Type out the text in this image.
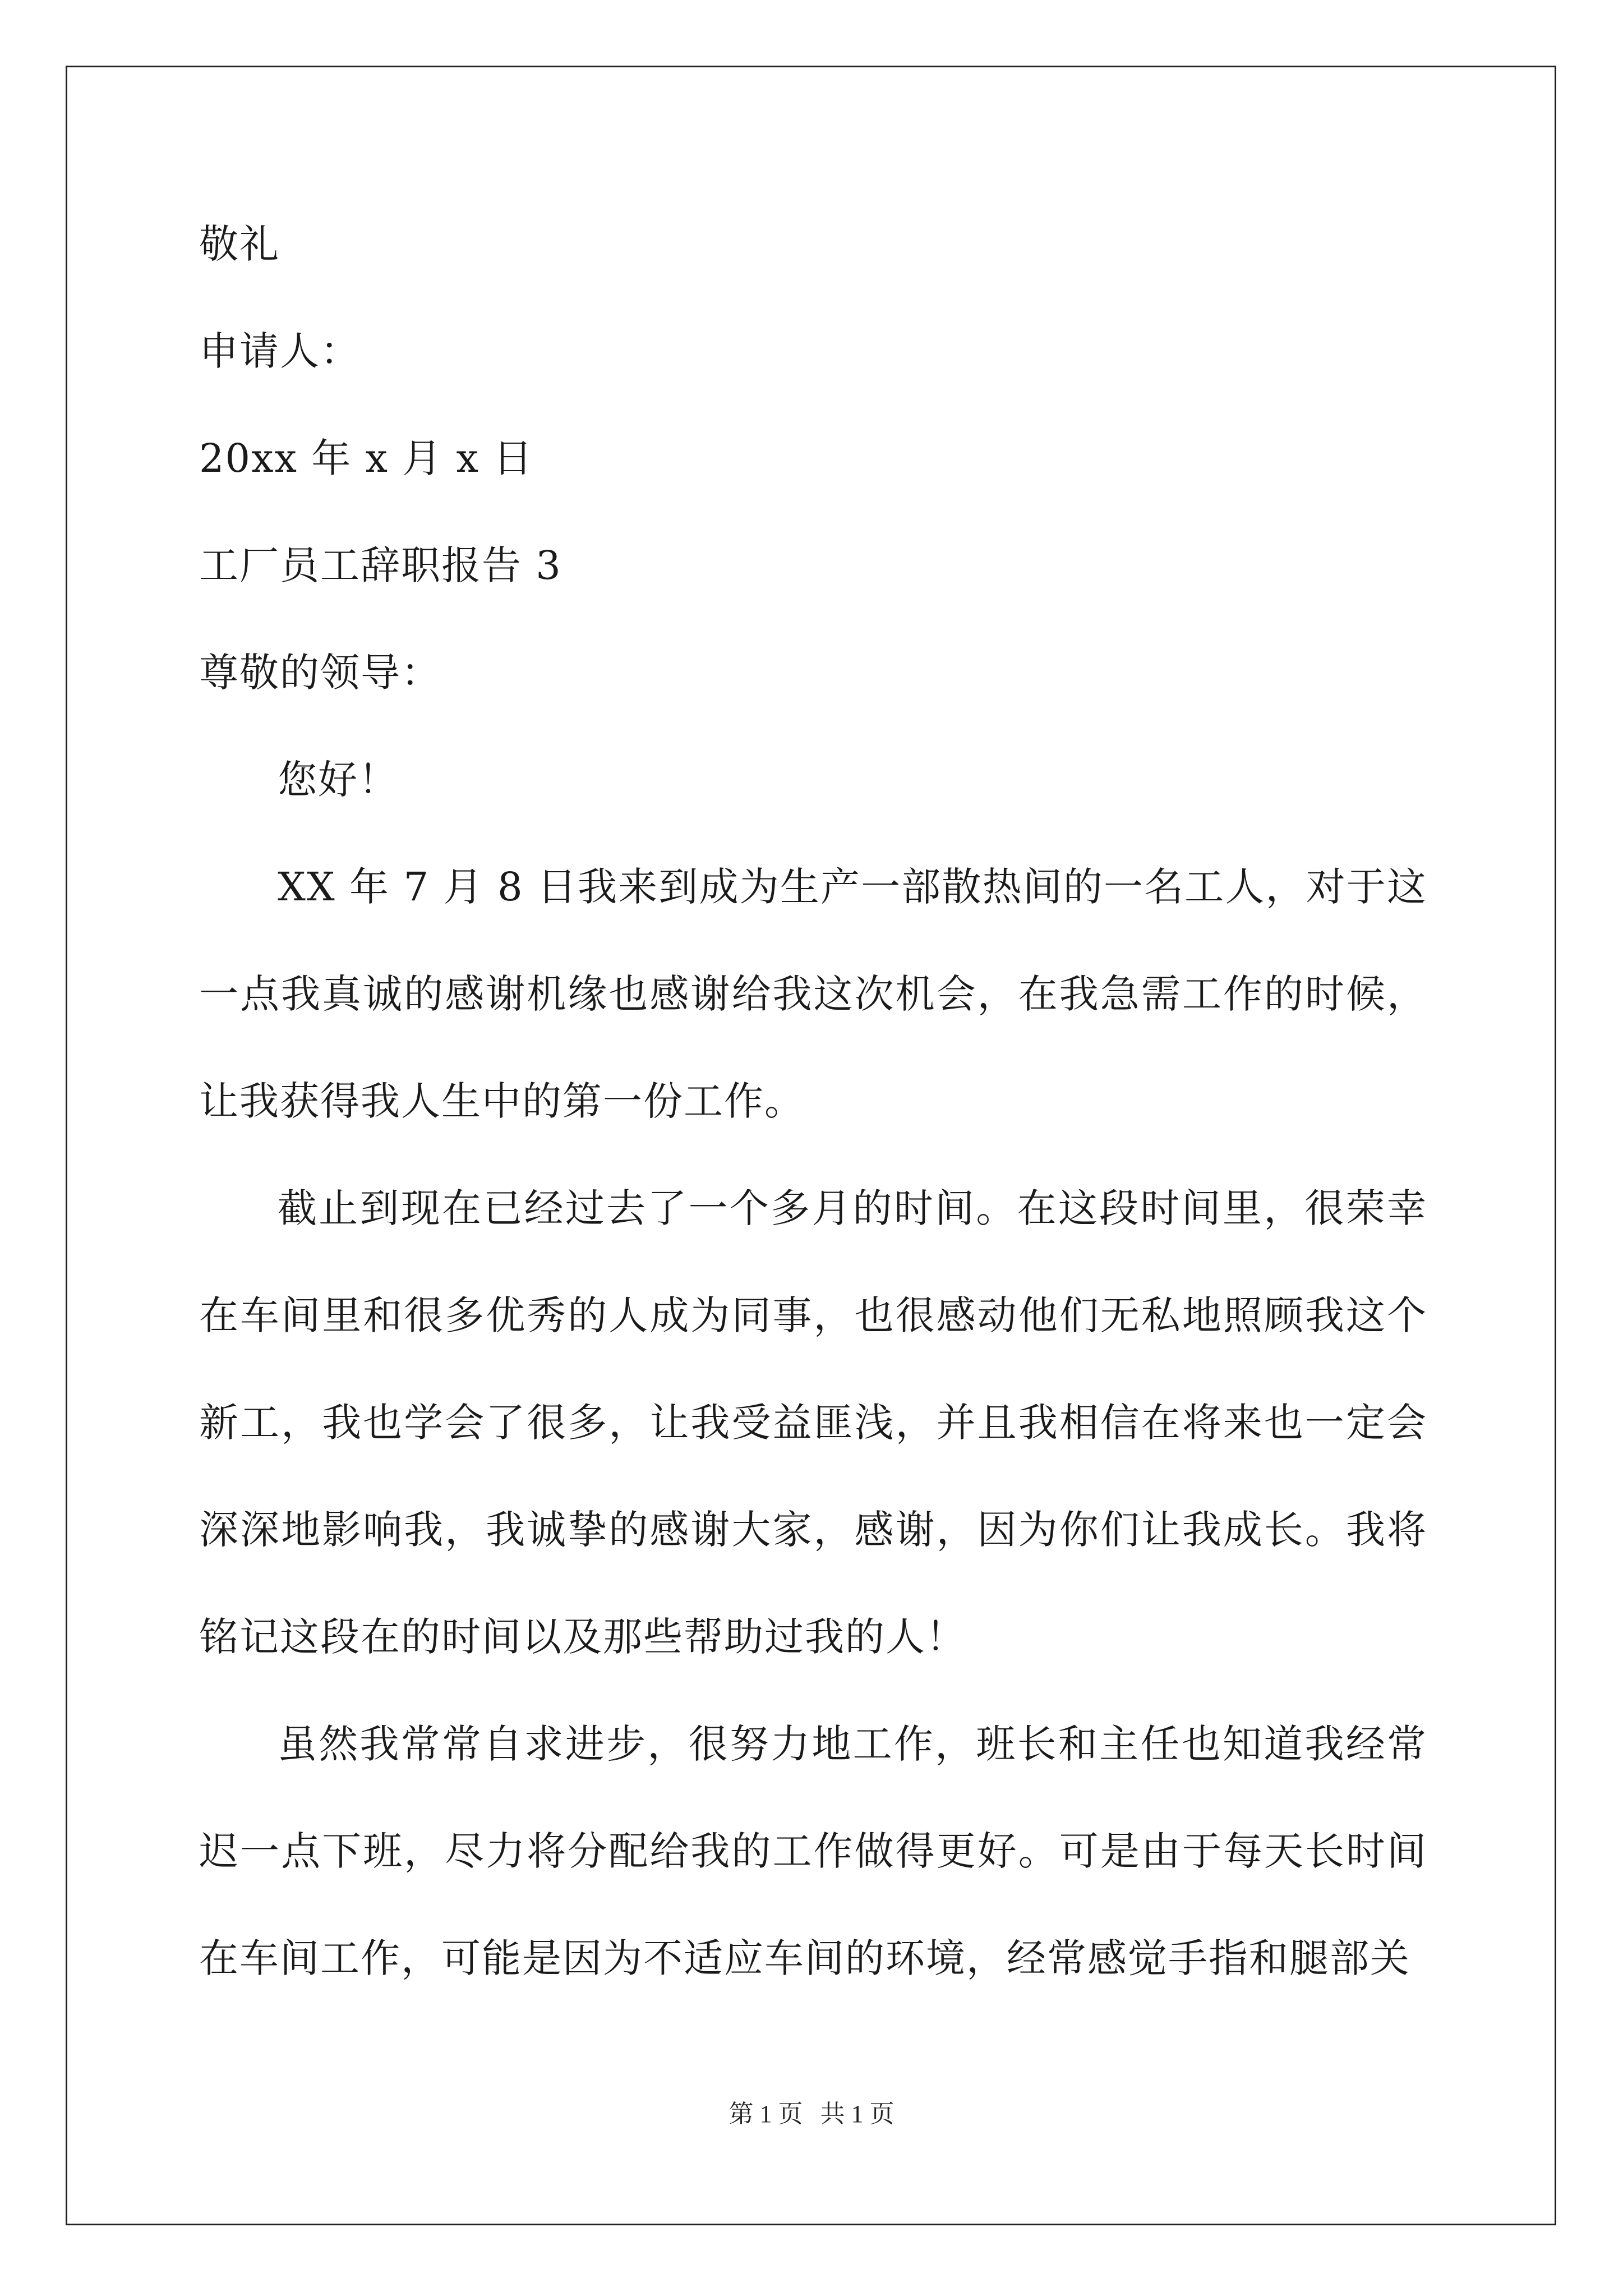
敬礼
申请人：
20xx 年 x 月 x 日
工厂员工辞职报告 3
尊敬的领导：
您好！

XX 年 7 月 8 日我来到成为生产一部散热间的一名工人，对于这一点我真诚的感谢机缘也感谢给我这次机会，在我急需工作的时候，让我获得我人生中的第一份工作。

截止到现在已经过去了一个多月的时间。在这段时间里，很荣幸在车间里和很多优秀的人成为同事，也很感动他们无私地照顾我这个新工，我也学会了很多，让我受益匪浅，并且我相信在将来也一定会深深地影响我，我诚挚的感谢大家，感谢，因为你们让我成长。我将铭记这段在的时间以及那些帮助过我的人！

虽然我常常自求进步，很努力地工作，班长和主任也知道我经常迟一点下班，尽力将分配给我的工作做得更好。可是由于每天长时间在车间工作，可能是因为不适应车间的环境，经常感觉手指和腿部关

第 1 页 共 1 页
